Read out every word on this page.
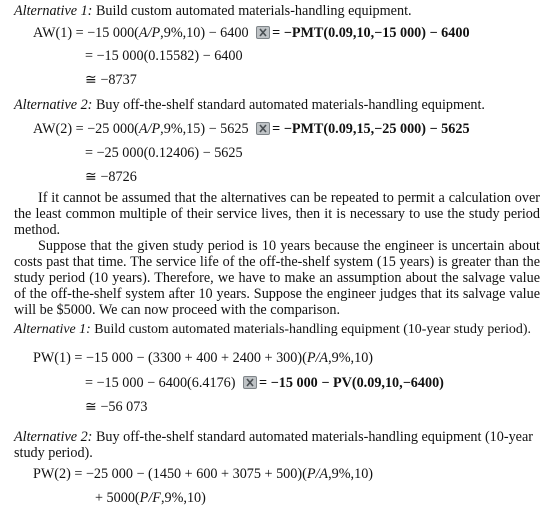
Alternative 1: Build custom automated materials-handling equipment.
AW(1) = −15 000(A/P,9%,10) − 6400 = −PMT(0.09,10,−15 000) − 6400
= −15 000(0.15582) − 6400
≅ −8737
Alternative 2: Buy off-the-shelf standard automated materials-handling equipment.
AW(2) = −25 000(A/P,9%,15) − 5625 = −PMT(0.09,15,−25 000) − 5625
= −25 000(0.12406) − 5625
≅ −8726
If it cannot be assumed that the alternatives can be repeated to permit a calculation over the least common multiple of their service lives, then it is necessary to use the study period method.
Suppose that the given study period is 10 years because the engineer is uncertain about costs past that time. The service life of the off-the-shelf system (15 years) is greater than the study period (10 years). Therefore, we have to make an assumption about the salvage value of the off-the-shelf system after 10 years. Suppose the engineer judges that its salvage value will be $5000. We can now proceed with the comparison.
Alternative 1: Build custom automated materials-handling equipment (10-year study period).
PW(1) = −15 000 − (3300 + 400 + 2400 + 300)(P/A,9%,10)
= −15 000 − 6400(6.4176) = −15 000 − PV(0.09,10,−6400)
≅ −56 073
Alternative 2: Buy off-the-shelf standard automated materials-handling equipment (10-year study period).
PW(2) = −25 000 − (1450 + 600 + 3075 + 500)(P/A,9%,10)
+ 5000(P/F,9%,10)
